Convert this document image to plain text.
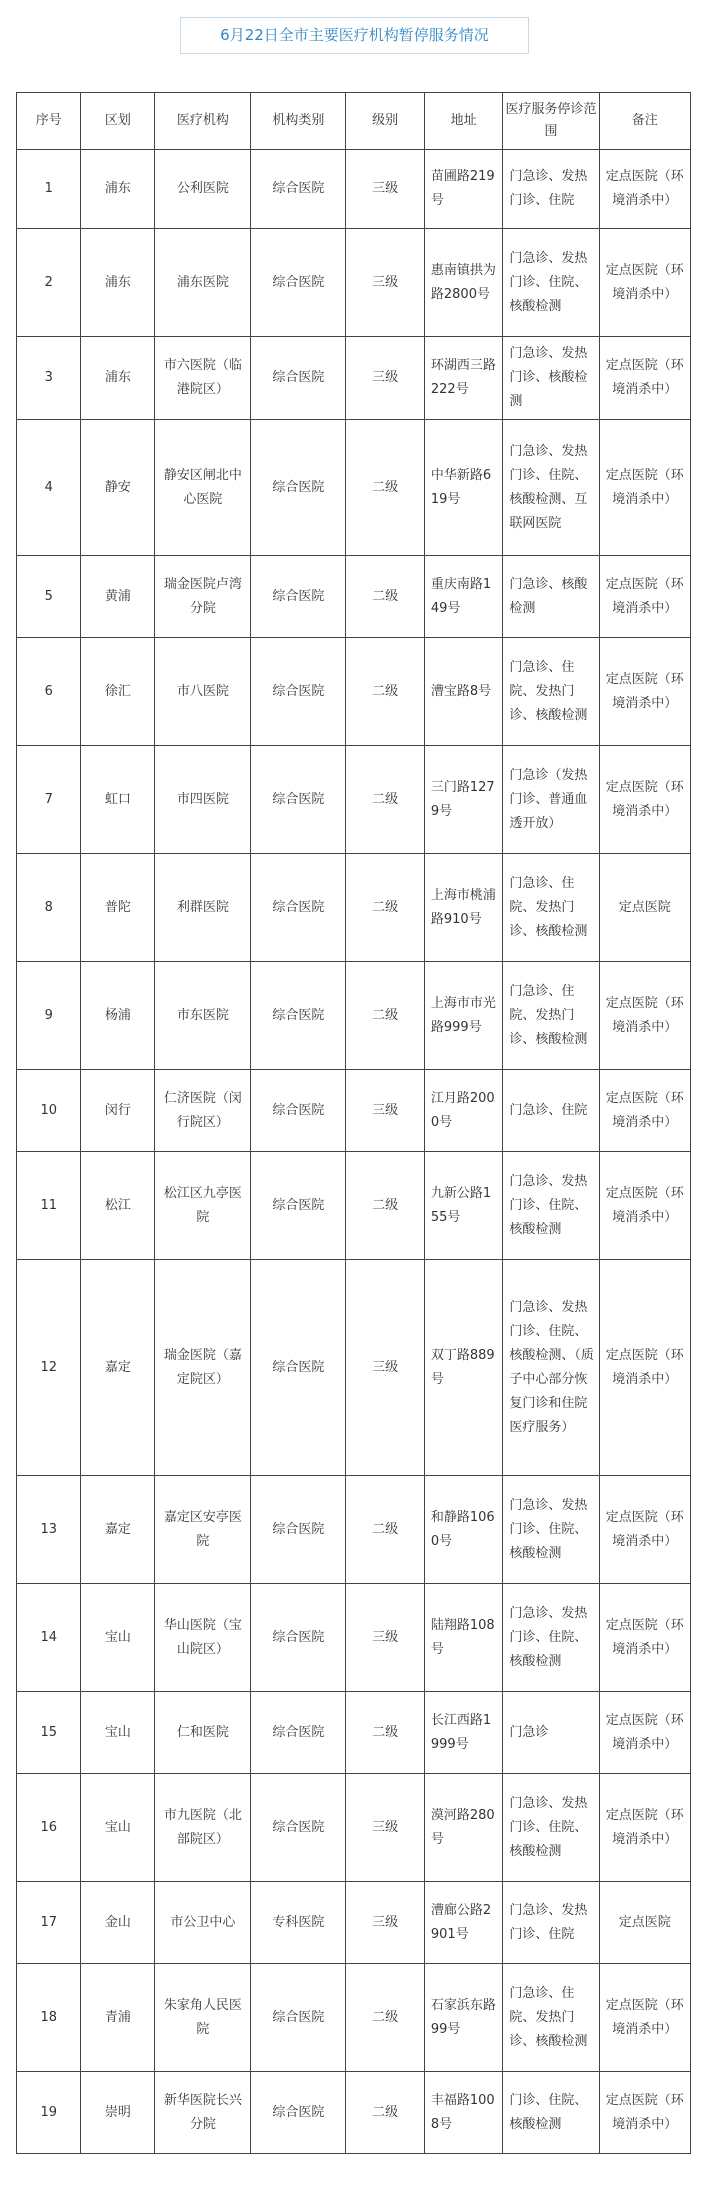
6月22日全市主要医疗机构暂停服务情况
序号	区划	医疗机构	机构类别	级别	地址	医疗服务停诊范围	备注
1	浦东	公利医院	综合医院	三级	苗圃路219号	门急诊、发热门诊、住院	定点医院（环境消杀中）
2	浦东	浦东医院	综合医院	三级	惠南镇拱为路2800号	门急诊、发热门诊、住院、核酸检测	定点医院（环境消杀中）
3	浦东	市六医院（临港院区）	综合医院	三级	环湖西三路222号	门急诊、发热门诊、核酸检测	定点医院（环境消杀中）
4	静安	静安区闸北中心医院	综合医院	二级	中华新路619号	门急诊、发热门诊、住院、核酸检测、互联网医院	定点医院（环境消杀中）
5	黄浦	瑞金医院卢湾分院	综合医院	二级	重庆南路149号	门急诊、核酸检测	定点医院（环境消杀中）
6	徐汇	市八医院	综合医院	二级	漕宝路8号	门急诊、住院、发热门诊、核酸检测	定点医院（环境消杀中）
7	虹口	市四医院	综合医院	二级	三门路1279号	门急诊（发热门诊、普通血透开放）	定点医院（环境消杀中）
8	普陀	利群医院	综合医院	二级	上海市桃浦路910号	门急诊、住院、发热门诊、核酸检测	定点医院
9	杨浦	市东医院	综合医院	二级	上海市市光路999号	门急诊、住院、发热门诊、核酸检测	定点医院（环境消杀中）
10	闵行	仁济医院（闵行院区）	综合医院	三级	江月路2000号	门急诊、住院	定点医院（环境消杀中）
11	松江	松江区九亭医院	综合医院	二级	九新公路155号	门急诊、发热门诊、住院、核酸检测	定点医院（环境消杀中）
12	嘉定	瑞金医院（嘉定院区）	综合医院	三级	双丁路889号	门急诊、发热门诊、住院、核酸检测、（质子中心部分恢复门诊和住院医疗服务）	定点医院（环境消杀中）
13	嘉定	嘉定区安亭医院	综合医院	二级	和静路1060号	门急诊、发热门诊、住院、核酸检测	定点医院（环境消杀中）
14	宝山	华山医院（宝山院区）	综合医院	三级	陆翔路108号	门急诊、发热门诊、住院、核酸检测	定点医院（环境消杀中）
15	宝山	仁和医院	综合医院	二级	长江西路1999号	门急诊	定点医院（环境消杀中）
16	宝山	市九医院（北部院区）	综合医院	三级	漠河路280号	门急诊、发热门诊、住院、核酸检测	定点医院（环境消杀中）
17	金山	市公卫中心	专科医院	三级	漕廊公路2901号	门急诊、发热门诊、住院	定点医院
18	青浦	朱家角人民医院	综合医院	二级	石家浜东路99号	门急诊、住院、发热门诊、核酸检测	定点医院（环境消杀中）
19	崇明	新华医院长兴分院	综合医院	二级	丰福路1008号	门诊、住院、核酸检测	定点医院（环境消杀中）
